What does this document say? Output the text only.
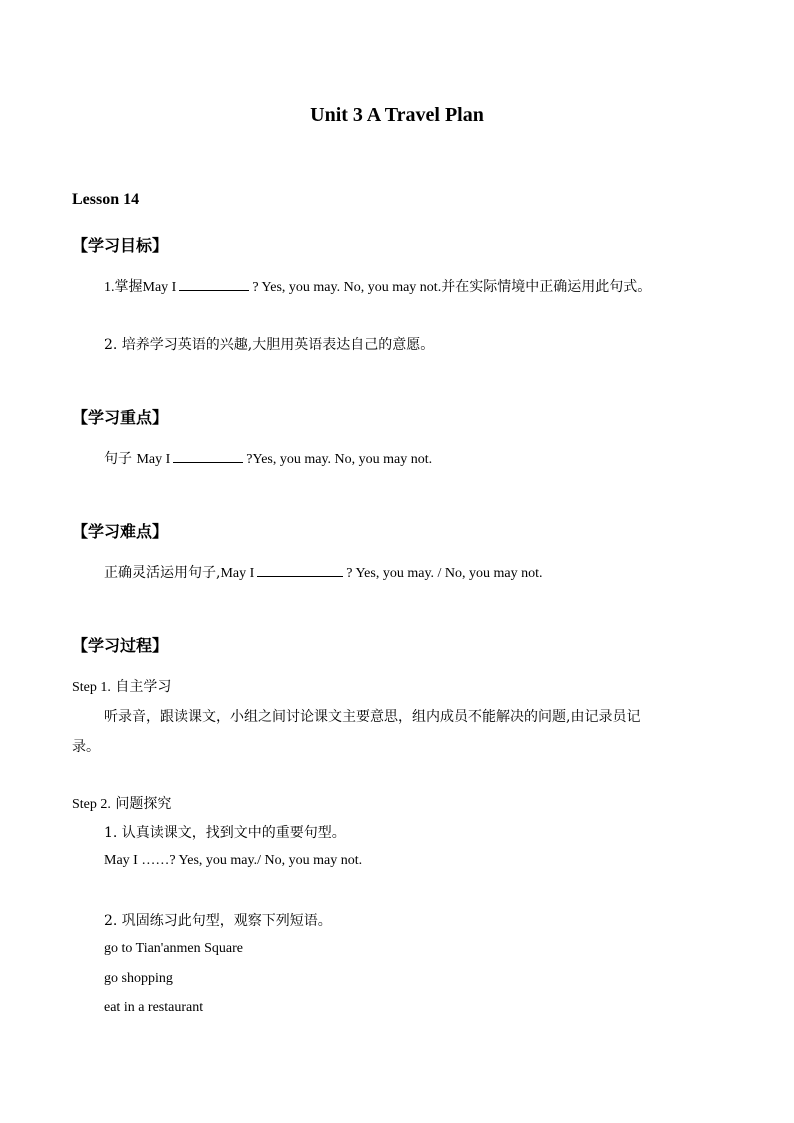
Unit 3 A Travel Plan
Lesson 14
【学习目标】
1.掌握May I	? Yes, you may. No, you may not.并在实际情境中正确运用此句式。
2. 培养学习英语的兴趣,大胆用英语表达自己的意愿。
【学习重点】
句子 May I	?Yes, you may. No, you may not.
【学习难点】
正确灵活运用句子,May I	? Yes, you may. / No, you may not.
【学习过程】
Step 1. 自主学习
听录音，跟读课文，小组之间讨论课文主要意思，组内成员不能解决的问题,由记录员记
录。
Step 2. 问题探究
1. 认真读课文，找到文中的重要句型。
May I ……? Yes, you may./ No, you may not.
2. 巩固练习此句型，观察下列短语。
go to Tian'anmen Square
go shopping
eat in a restaurant
